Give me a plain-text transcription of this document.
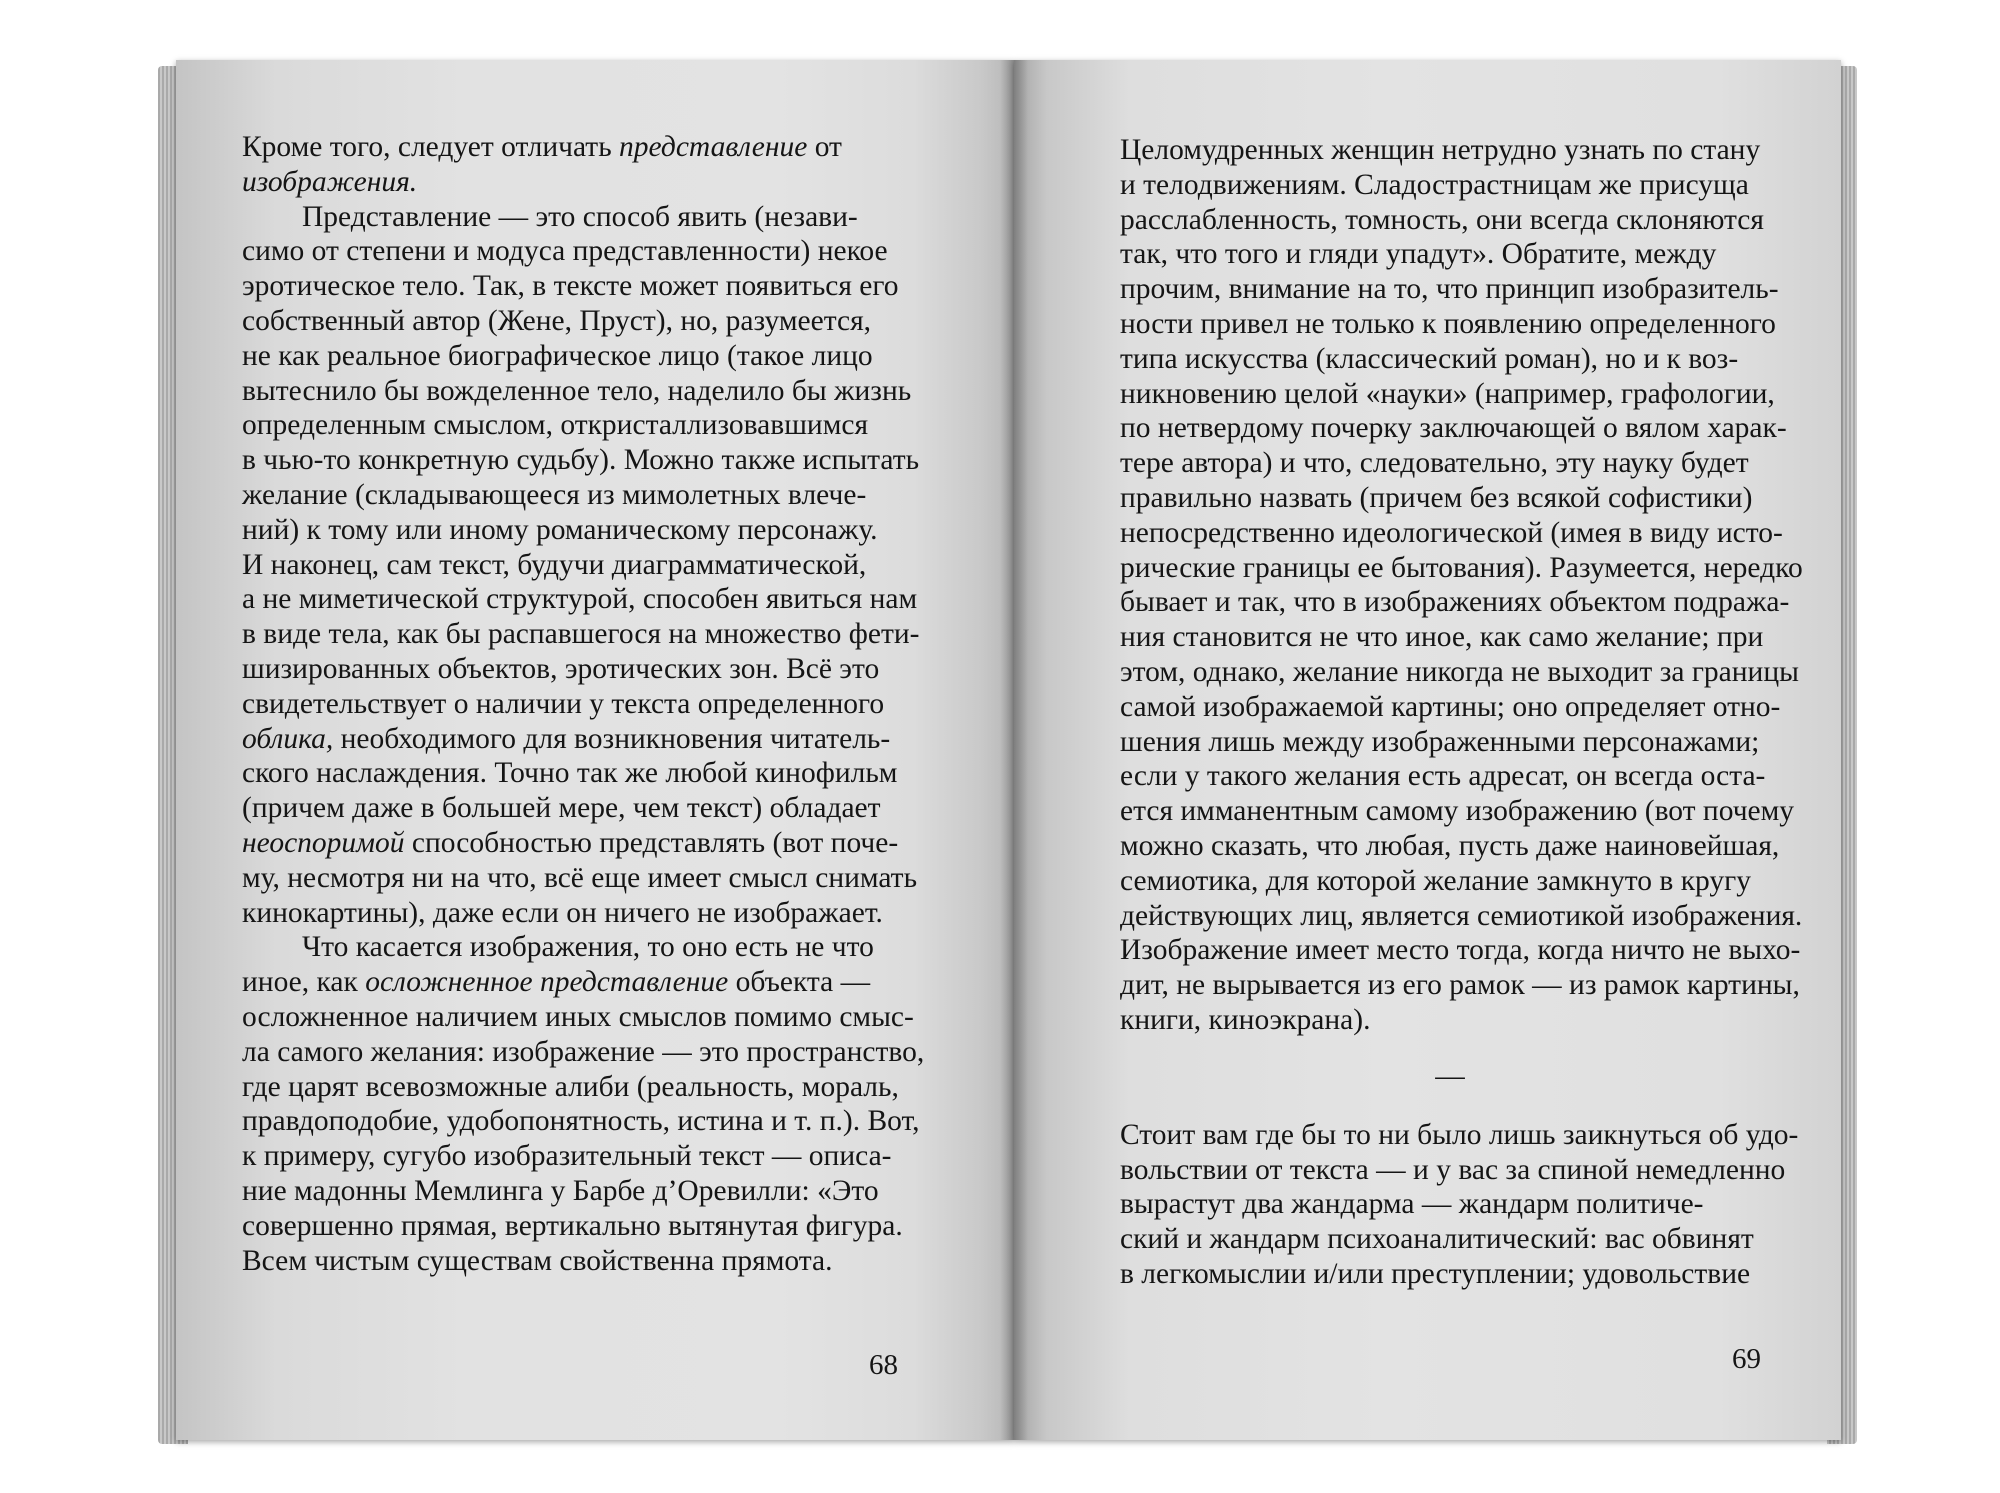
Кроме того, следует отличать представление от
изображения.
Представление — это способ явить (незави-
симо от степени и модуса представленности) некое
эротическое тело. Так, в тексте может появиться его
собственный автор (Жене, Пруст), но, разумеется,
не как реальное биографическое лицо (такое лицо
вытеснило бы вожделенное тело, наделило бы жизнь
определенным смыслом, откристаллизовавшимся
в чью-то конкретную судьбу). Можно также испытать
желание (складывающееся из мимолетных влече-
ний) к тому или иному романическому персонажу.
И наконец, сам текст, будучи диаграмматической,
а не миметической структурой, способен явиться нам
в виде тела, как бы распавшегося на множество фети-
шизированных объектов, эротических зон. Всё это
свидетельствует о наличии у текста определенного
облика, необходимого для возникновения читатель-
ского наслаждения. Точно так же любой кинофильм
(причем даже в большей мере, чем текст) обладает
неоспоримой способностью представлять (вот поче-
му, несмотря ни на что, всё еще имеет смысл снимать
кинокартины), даже если он ничего не изображает.
Что касается изображения, то оно есть не что
иное, как осложненное представление объекта —
осложненное наличием иных смыслов помимо смыс-
ла самого желания: изображение — это пространство,
где царят всевозможные алиби (реальность, мораль,
правдоподобие, удобопонятность, истина и т. п.). Вот,
к примеру, сугубо изобразительный текст — описа-
ние мадонны Мемлинга у Барбе д’Оревилли: «Это
совершенно прямая, вертикально вытянутая фигура.
Всем чистым существам свойственна прямота.
68
Целомудренных женщин нетрудно узнать по стану
и телодвижениям. Сладострастницам же присуща
расслабленность, томность, они всегда склоняются
так, что того и гляди упадут». Обратите, между
прочим, внимание на то, что принцип изобразитель-
ности привел не только к появлению определенного
типа искусства (классический роман), но и к воз-
никновению целой «науки» (например, графологии,
по нетвердому почерку заключающей о вялом харак-
тере автора) и что, следовательно, эту науку будет
правильно назвать (причем без всякой софистики)
непосредственно идеологической (имея в виду исто-
рические границы ее бытования). Разумеется, нередко
бывает и так, что в изображениях объектом подража-
ния становится не что иное, как само желание; при
этом, однако, желание никогда не выходит за границы
самой изображаемой картины; оно определяет отно-
шения лишь между изображенными персонажами;
если у такого желания есть адресат, он всегда оста-
ется имманентным самому изображению (вот почему
можно сказать, что любая, пусть даже наиновейшая,
семиотика, для которой желание замкнуто в кругу
действующих лиц, является семиотикой изображения.
Изображение имеет место тогда, когда ничто не выхо-
дит, не вырывается из его рамок — из рамок картины,
книги, киноэкрана).
—
Стоит вам где бы то ни было лишь заикнуться об удо-
вольствии от текста — и у вас за спиной немедленно
вырастут два жандарма — жандарм политиче-
ский и жандарм психоаналитический: вас обвинят
в легкомыслии и/или преступлении; удовольствие
69
